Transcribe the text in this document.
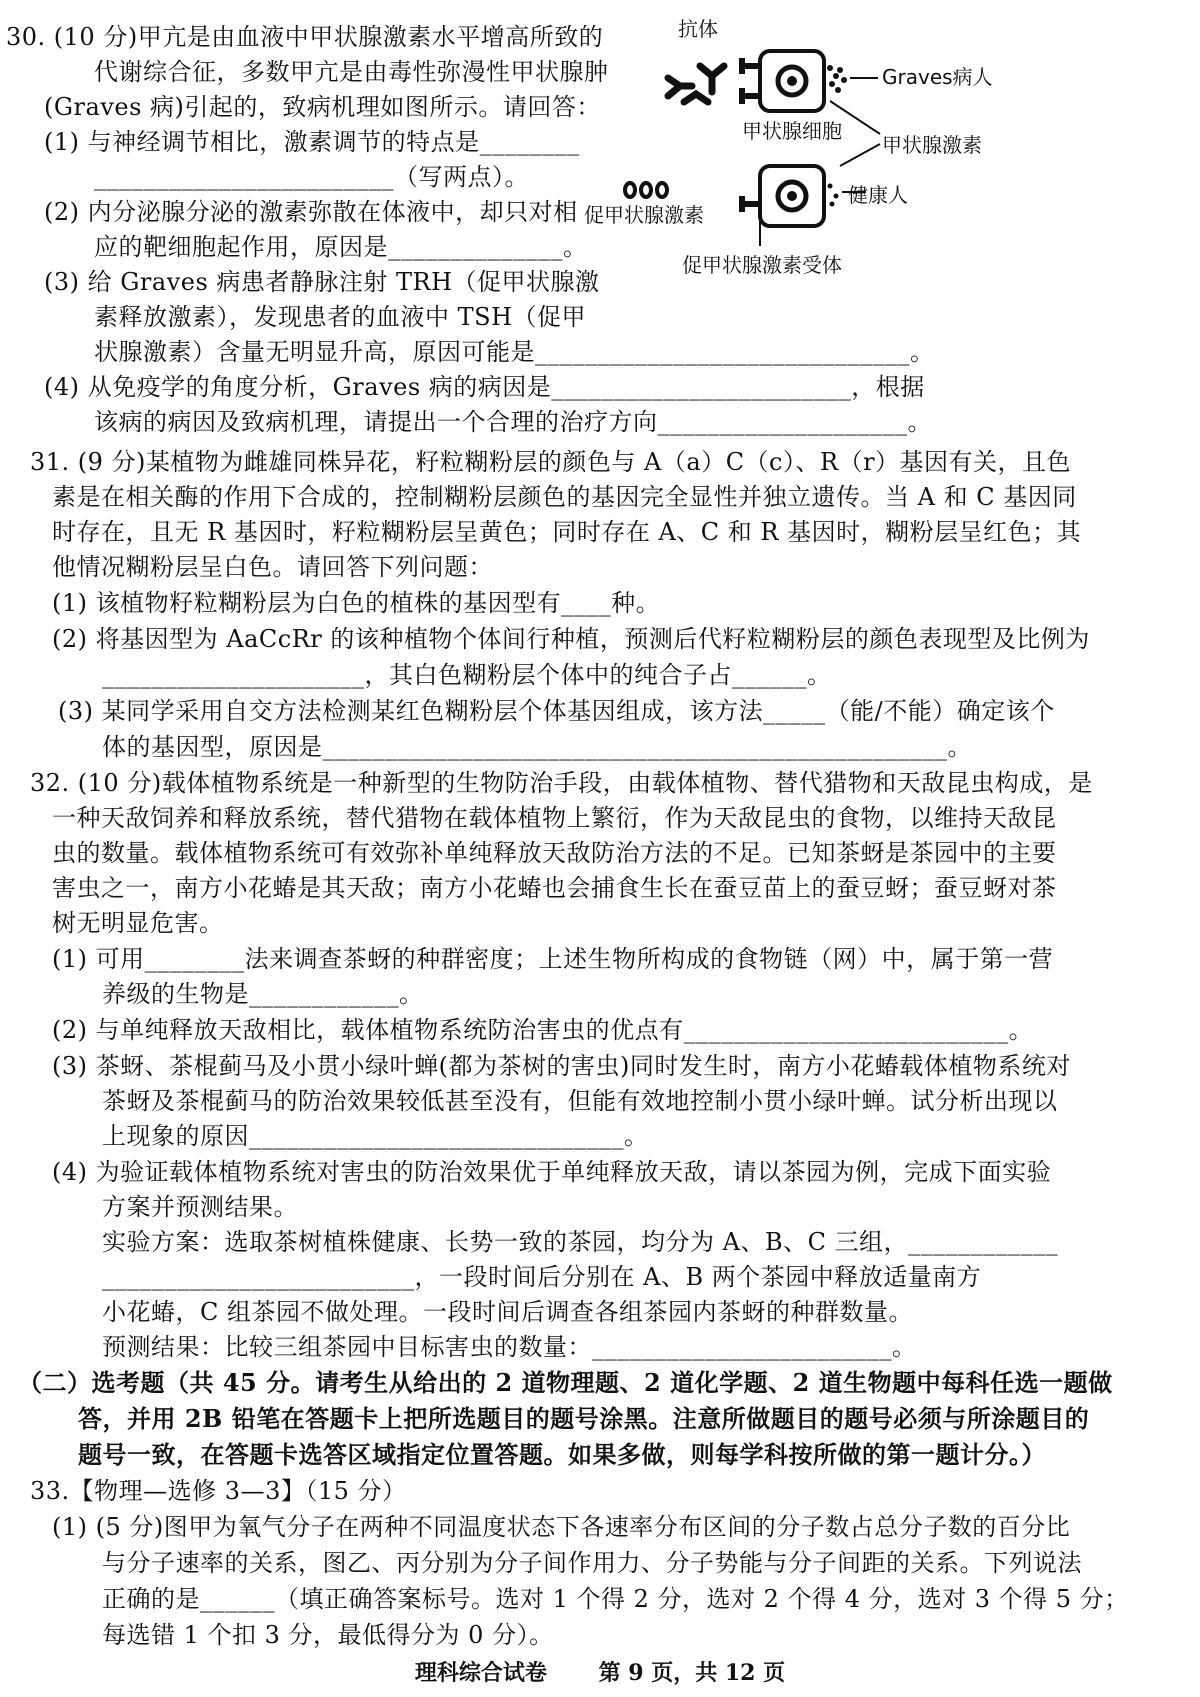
抗体
Graves病人
甲状腺细胞
甲状腺激素
促甲状腺激素
健康人
促甲状腺激素受体
30. (10 分)甲亢是由血液中甲状腺激素水平增高所致的
代谢综合征，多数甲亢是由毒性弥漫性甲状腺肿
(Graves 病)引起的，致病机理如图所示。请回答：
(1) 与神经调节相比，激素调节的特点是________
________________________（写两点）。
(2) 内分泌腺分泌的激素弥散在体液中，却只对相
应的靶细胞起作用，原因是______________。
(3) 给 Graves 病患者静脉注射 TRH（促甲状腺激
素释放激素），发现患者的血液中 TSH（促甲
状腺激素）含量无明显升高，原因可能是______________________________。
(4) 从免疫学的角度分析，Graves 病的病因是________________________，根据
该病的病因及致病机理，请提出一个合理的治疗方向____________________。
31. (9 分)某植物为雌雄同株异花，籽粒糊粉层的颜色与 A（a）C（c）、R（r）基因有关，且色
素是在相关酶的作用下合成的，控制糊粉层颜色的基因完全显性并独立遗传。当 A 和 C 基因同
时存在，且无 R 基因时，籽粒糊粉层呈黄色；同时存在 A、C 和 R 基因时，糊粉层呈红色；其
他情况糊粉层呈白色。请回答下列问题：
(1) 该植物籽粒糊粉层为白色的植株的基因型有____种。
(2) 将基因型为 AaCcRr 的该种植物个体间行种植，预测后代籽粒糊粉层的颜色表现型及比例为
_____________________，其白色糊粉层个体中的纯合子占______。
(3) 某同学采用自交方法检测某红色糊粉层个体基因组成，该方法_____（能/不能）确定该个
体的基因型，原因是__________________________________________________。
32. (10 分)载体植物系统是一种新型的生物防治手段，由载体植物、替代猎物和天敌昆虫构成，是
一种天敌饲养和释放系统，替代猎物在载体植物上繁衍，作为天敌昆虫的食物，以维持天敌昆
虫的数量。载体植物系统可有效弥补单纯释放天敌防治方法的不足。已知茶蚜是茶园中的主要
害虫之一，南方小花蝽是其天敌；南方小花蝽也会捕食生长在蚕豆苗上的蚕豆蚜；蚕豆蚜对茶
树无明显危害。
(1) 可用________法来调查茶蚜的种群密度；上述生物所构成的食物链（网）中，属于第一营
养级的生物是____________。
(2) 与单纯释放天敌相比，载体植物系统防治害虫的优点有__________________________。
(3) 茶蚜、茶棍蓟马及小贯小绿叶蝉(都为茶树的害虫)同时发生时，南方小花蝽载体植物系统对
茶蚜及茶棍蓟马的防治效果较低甚至没有，但能有效地控制小贯小绿叶蝉。试分析出现以
上现象的原因______________________________。
(4) 为验证载体植物系统对害虫的防治效果优于单纯释放天敌，请以茶园为例，完成下面实验
方案并预测结果。
实验方案：选取茶树植株健康、长势一致的茶园，均分为 A、B、C 三组，____________
_________________________，一段时间后分别在 A、B 两个茶园中释放适量南方
小花蝽，C 组茶园不做处理。一段时间后调查各组茶园内茶蚜的种群数量。
预测结果：比较三组茶园中目标害虫的数量：________________________。
（二）选考题（共 45 分。请考生从给出的 2 道物理题、2 道化学题、2 道生物题中每科任选一题做
答，并用 2B 铅笔在答题卡上把所选题目的题号涂黑。注意所做题目的题号必须与所涂题目的
题号一致，在答题卡选答区域指定位置答题。如果多做，则每学科按所做的第一题计分。）
33.【物理—选修 3—3】（15 分）
(1) (5 分)图甲为氧气分子在两种不同温度状态下各速率分布区间的分子数占总分子数的百分比
与分子速率的关系，图乙、丙分别为分子间作用力、分子势能与分子间距的关系。下列说法
正确的是______（填正确答案标号。选对 1 个得 2 分，选对 2 个得 4 分，选对 3 个得 5 分；
每选错 1 个扣 3 分，最低得分为 0 分）。
理科综合试卷 第 9 页，共 12 页
